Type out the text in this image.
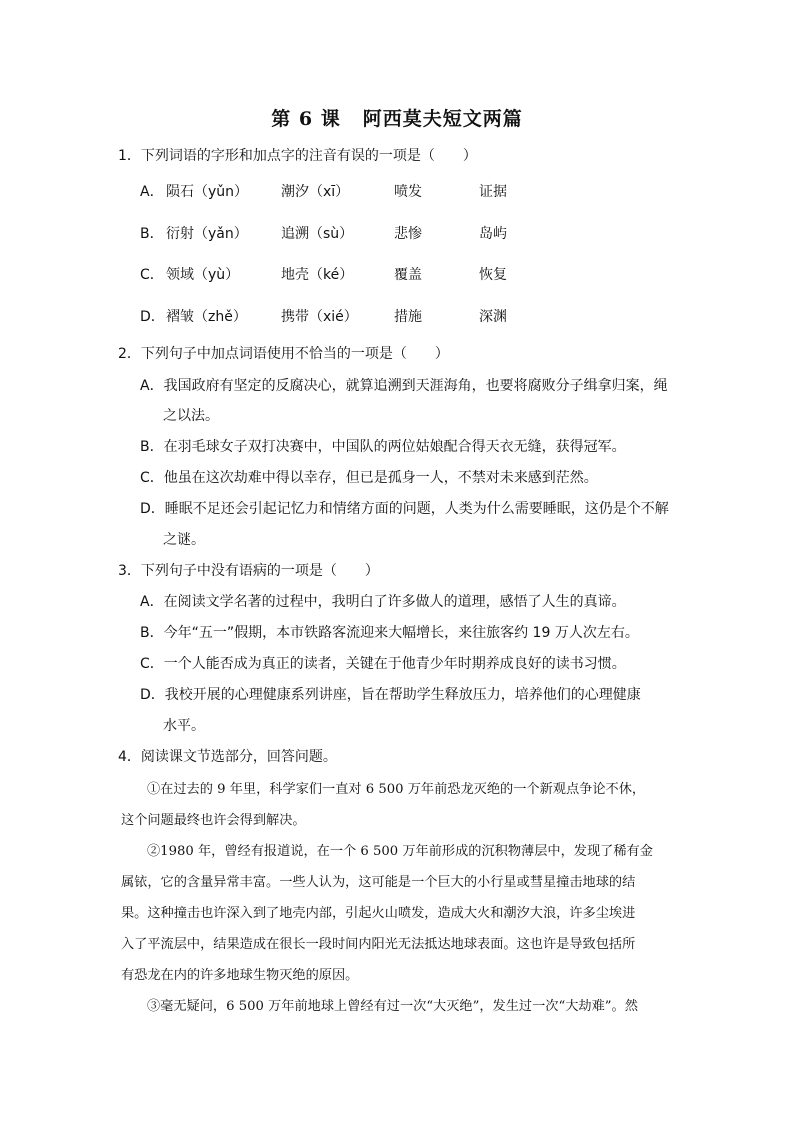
第 6 课 阿西莫夫短文两篇
1．下列词语的字形和加点字的注音有误的一项是（　　）
A． 陨石（yǔn） 潮汐（xī）	喷发	证据
B． 衍射（yǎn） 追溯（sù）	悲惨	岛屿
C． 领域（yù）	地壳（ké）	覆盖	恢复
D． 褶皱（zhě） 携带（xié）	措施	深渊
2．下列句子中加点词语使用不恰当的一项是（　　）
A．我国政府有坚定的反腐决心，就算追溯到天涯海角，也要将腐败分子缉拿归案，绳
之以法。
B．在羽毛球女子双打决赛中，中国队的两位姑娘配合得天衣无缝，获得冠军。
C．他虽在这次劫难中得以幸存，但已是孤身一人，不禁对未来感到茫然。
D．睡眠不足还会引起记忆力和情绪方面的问题，人类为什么需要睡眠，这仍是个不解
之谜。
3．下列句子中没有语病的一项是（　　）
A．在阅读文学名著的过程中，我明白了许多做人的道理，感悟了人生的真谛。
B．今年“五一”假期，本市铁路客流迎来大幅增长，来往旅客约 19 万人次左右。
C．一个人能否成为真正的读者，关键在于他青少年时期养成良好的读书习惯。
D．我校开展的心理健康系列讲座，旨在帮助学生释放压力，培养他们的心理健康
水平。
4．阅读课文节选部分，回答问题。
①在过去的 9 年里，科学家们一直对 6 500 万年前恐龙灭绝的一个新观点争论不休，
这个问题最终也许会得到解决。
②1980 年，曾经有报道说，在一个 6 500 万年前形成的沉积物薄层中，发现了稀有金
属铱，它的含量异常丰富。一些人认为，这可能是一个巨大的小行星或彗星撞击地球的结
果。这种撞击也许深入到了地壳内部，引起火山喷发，造成大火和潮汐大浪，许多尘埃进
入了平流层中，结果造成在很长一段时间内阳光无法抵达地球表面。这也许是导致包括所
有恐龙在内的许多地球生物灭绝的原因。
③毫无疑问，6 500 万年前地球上曾经有过一次“大灭绝”，发生过一次“大劫难”。然
